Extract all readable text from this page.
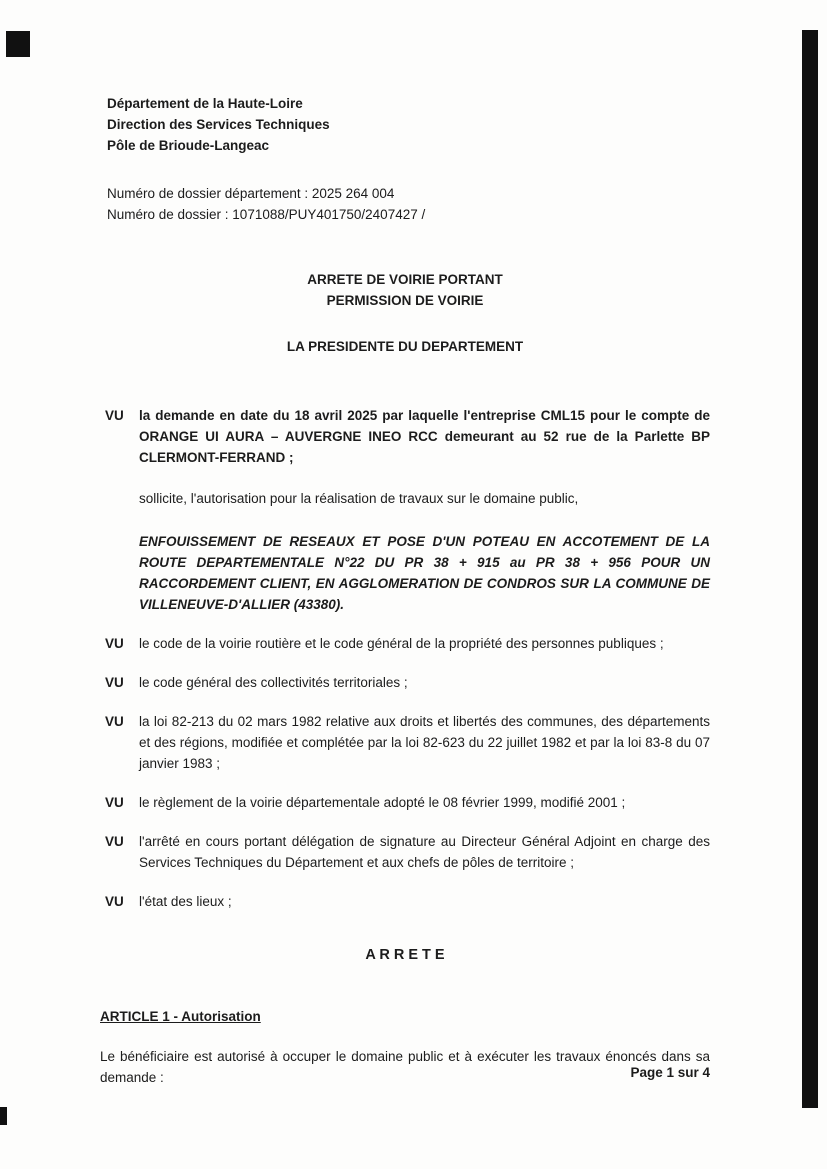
Département de la Haute-Loire
Direction des Services Techniques
Pôle de Brioude-Langeac
Numéro de dossier département : 2025 264 004
Numéro de dossier : 1071088/PUY401750/2407427 /
ARRETE DE VOIRIE PORTANT
PERMISSION DE VOIRIE
LA PRESIDENTE DU DEPARTEMENT
VU	la demande en date du 18 avril 2025 par laquelle l'entreprise CML15 pour le compte de ORANGE UI AURA – AUVERGNE INEO RCC demeurant au 52 rue de la Parlette BP CLERMONT-FERRAND ;
sollicite, l'autorisation pour la réalisation de travaux sur le domaine public,
ENFOUISSEMENT DE RESEAUX ET POSE D'UN POTEAU EN ACCOTEMENT DE LA ROUTE DEPARTEMENTALE N°22 DU PR 38 + 915 au PR 38 + 956 POUR UN RACCORDEMENT CLIENT, EN AGGLOMERATION DE CONDROS SUR LA COMMUNE DE VILLENEUVE-D'ALLIER (43380).
VU	le code de la voirie routière et le code général de la propriété des personnes publiques ;
VU	le code général des collectivités territoriales ;
VU	la loi 82-213 du 02 mars 1982 relative aux droits et libertés des communes, des départements et des régions, modifiée et complétée par la loi 82-623 du 22 juillet 1982 et par la loi 83-8 du 07 janvier 1983 ;
VU	le règlement de la voirie départementale adopté le 08 février 1999, modifié 2001 ;
VU	l'arrêté en cours portant délégation de signature au Directeur Général Adjoint en charge des Services Techniques du Département et aux chefs de pôles de territoire ;
VU	l'état des lieux ;
A R R E T E
ARTICLE 1 - Autorisation
Le bénéficiaire est autorisé à occuper le domaine public et à exécuter les travaux énoncés dans sa demande :	Page 1 sur 4
